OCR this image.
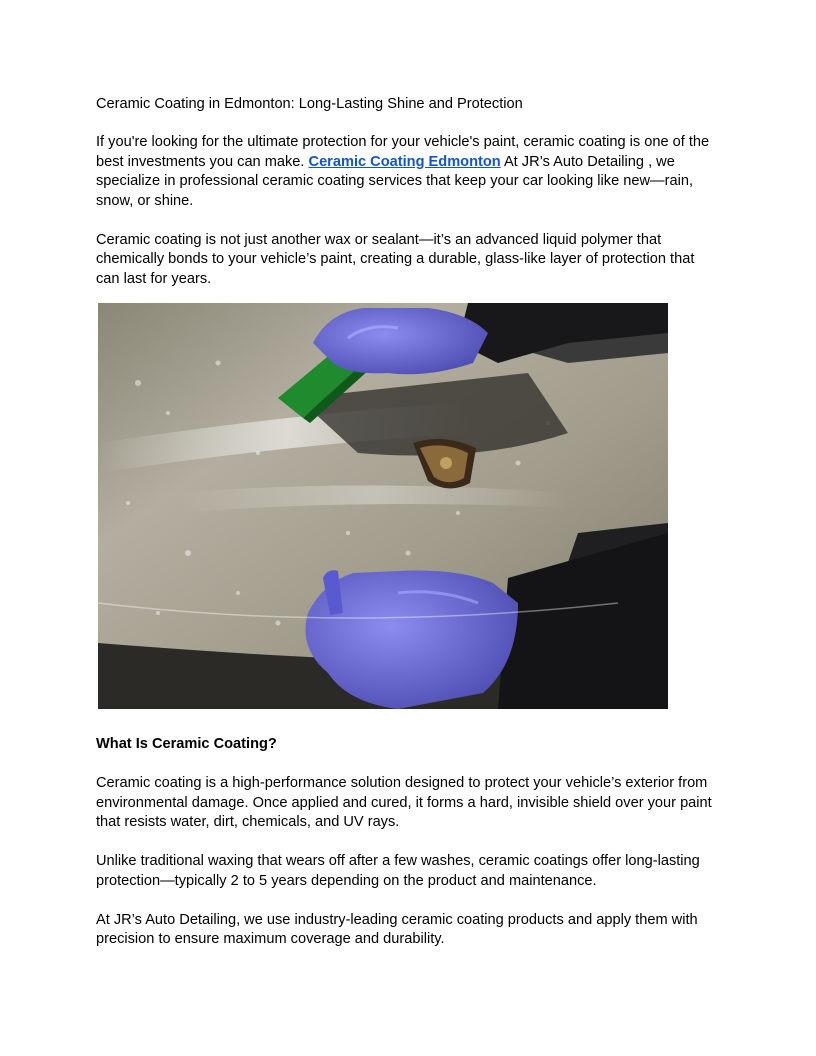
Ceramic Coating in Edmonton: Long-Lasting Shine and Protection

If you're looking for the ultimate protection for your vehicle's paint, ceramic coating is one of the best investments you can make. Ceramic Coating Edmonton At JR’s Auto Detailing , we specialize in professional ceramic coating services that keep your car looking like new—rain, snow, or shine.

Ceramic coating is not just another wax or sealant—it’s an advanced liquid polymer that chemically bonds to your vehicle’s paint, creating a durable, glass-like layer of protection that can last for years.

What Is Ceramic Coating?

Ceramic coating is a high-performance solution designed to protect your vehicle’s exterior from environmental damage. Once applied and cured, it forms a hard, invisible shield over your paint that resists water, dirt, chemicals, and UV rays.

Unlike traditional waxing that wears off after a few washes, ceramic coatings offer long-lasting protection—typically 2 to 5 years depending on the product and maintenance.

At JR’s Auto Detailing, we use industry-leading ceramic coating products and apply them with precision to ensure maximum coverage and durability.
